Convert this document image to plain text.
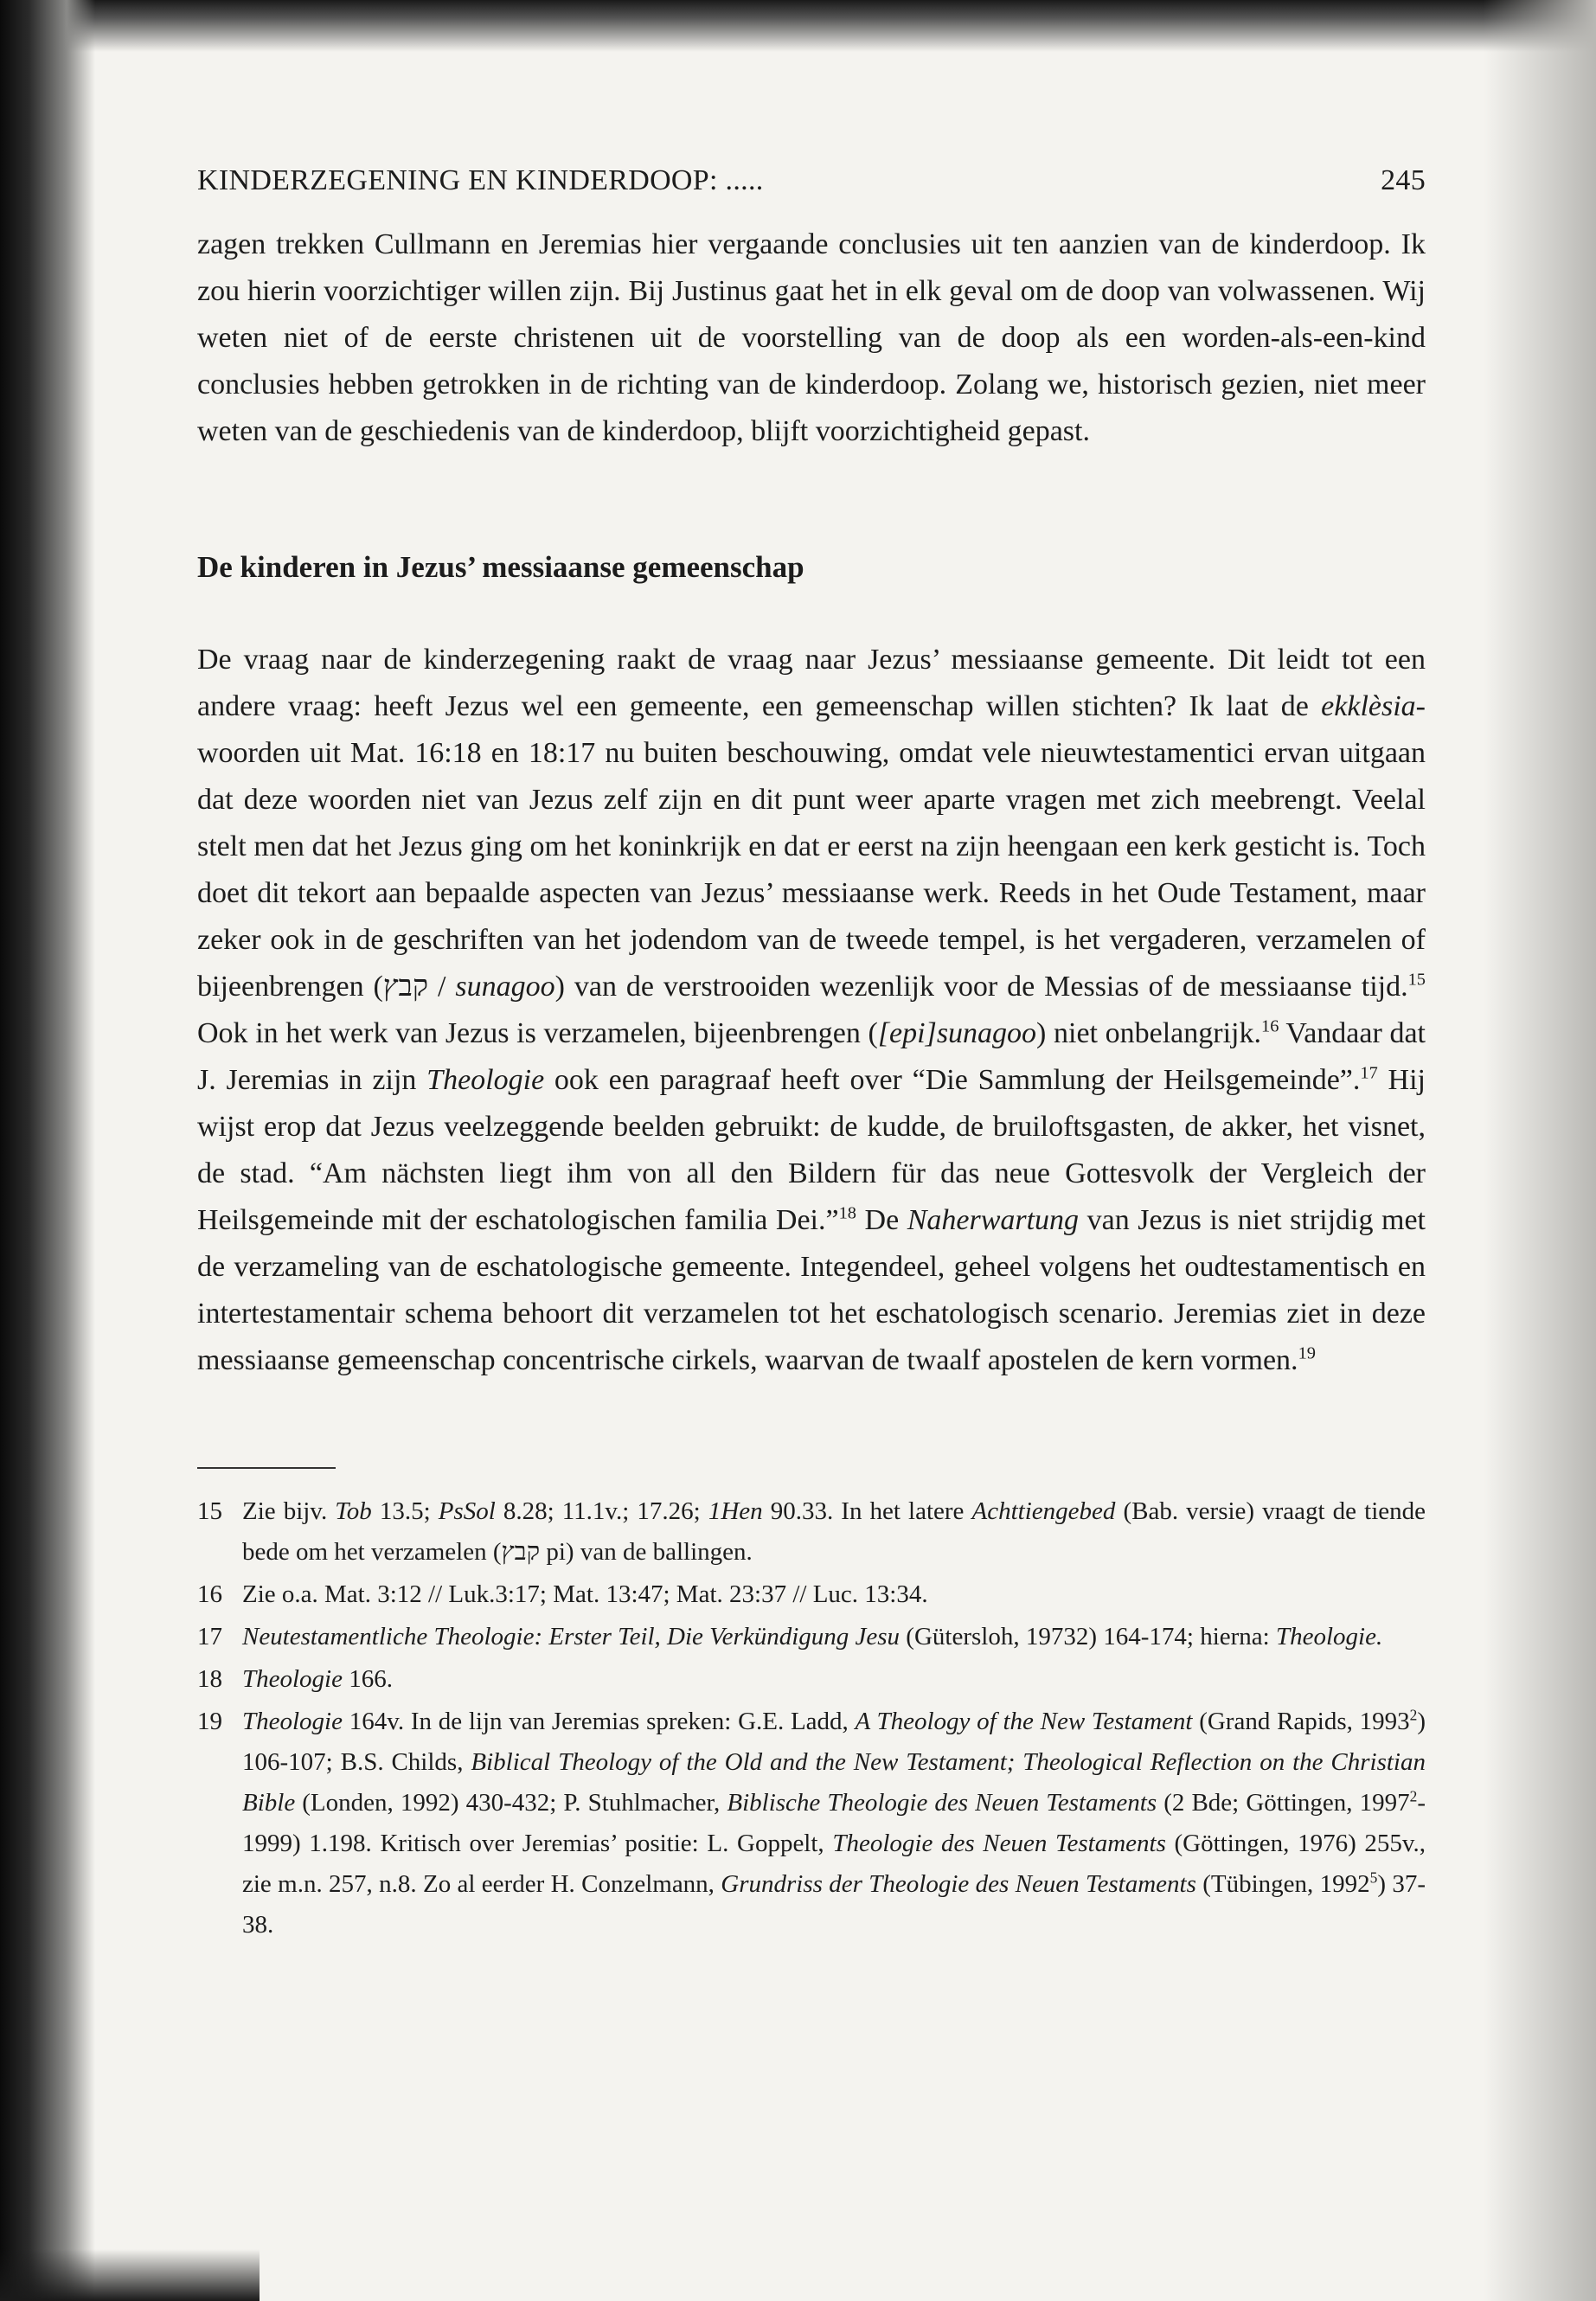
KINDERZEGENING EN KINDERDOOP: .....	245

zagen trekken Cullmann en Jeremias hier vergaande conclusies uit ten aanzien van de kinderdoop. Ik zou hierin voorzichtiger willen zijn. Bij Justinus gaat het in elk geval om de doop van volwassenen. Wij weten niet of de eerste christenen uit de voorstelling van de doop als een worden-als-een-kind conclusies hebben getrokken in de richting van de kinderdoop. Zolang we, historisch gezien, niet meer weten van de geschiedenis van de kinderdoop, blijft voorzichtigheid gepast.

De kinderen in Jezus’ messiaanse gemeenschap

De vraag naar de kinderzegening raakt de vraag naar Jezus’ messiaanse gemeente. Dit leidt tot een andere vraag: heeft Jezus wel een gemeente, een gemeenschap willen stichten? Ik laat de ekklèsia-woorden uit Mat. 16:18 en 18:17 nu buiten beschouwing, omdat vele nieuwtestamentici ervan uitgaan dat deze woorden niet van Jezus zelf zijn en dit punt weer aparte vragen met zich meebrengt. Veelal stelt men dat het Jezus ging om het koninkrijk en dat er eerst na zijn heengaan een kerk gesticht is. Toch doet dit tekort aan bepaalde aspecten van Jezus’ messiaanse werk. Reeds in het Oude Testament, maar zeker ook in de geschriften van het jodendom van de tweede tempel, is het vergaderen, verzamelen of bijeenbrengen (קבץ / sunagoo) van de verstrooiden wezenlijk voor de Messias of de messiaanse tijd.$^{15}$ Ook in het werk van Jezus is verzamelen, bijeenbrengen ([epi]sunagoo) niet onbelangrijk.$^{16}$ Vandaar dat J. Jeremias in zijn Theologie ook een paragraaf heeft over “Die Sammlung der Heilsgemeinde”.$^{17}$ Hij wijst erop dat Jezus veelzeggende beelden gebruikt: de kudde, de bruiloftsgasten, de akker, het visnet, de stad. “Am nächsten liegt ihm von all den Bildern für das neue Gottesvolk der Vergleich der Heilsgemeinde mit der eschatologischen familia Dei.”$^{18}$ De Naherwartung van Jezus is niet strijdig met de verzameling van de eschatologische gemeente. Integendeel, geheel volgens het oudtestamentisch en intertestamentair schema behoort dit verzamelen tot het eschatologisch scenario. Jeremias ziet in deze messiaanse gemeenschap concentrische cirkels, waarvan de twaalf apostelen de kern vormen.$^{19}$

15 Zie bijv. Tob 13.5; PsSol 8.28; 11.1v.; 17.26; 1Hen 90.33. In het latere Achttiengebed (Bab. versie) vraagt de tiende bede om het verzamelen (קבץ pi) van de ballingen.
16 Zie o.a. Mat. 3:12 // Luk.3:17; Mat. 13:47; Mat. 23:37 // Luc. 13:34.
17 Neutestamentliche Theologie: Erster Teil, Die Verkündigung Jesu (Gütersloh, 19732) 164-174; hierna: Theologie.
18 Theologie 166.
19 Theologie 164v. In de lijn van Jeremias spreken: G.E. Ladd, A Theology of the New Testament (Grand Rapids, 1993$^2$) 106-107; B.S. Childs, Biblical Theology of the Old and the New Testament; Theological Reflection on the Christian Bible (Londen, 1992) 430-432; P. Stuhlmacher, Biblische Theologie des Neuen Testaments (2 Bde; Göttingen, 1997$^2$-1999) 1.198. Kritisch over Jeremias’ positie: L. Goppelt, Theologie des Neuen Testaments (Göttingen, 1976) 255v., zie m.n. 257, n.8. Zo al eerder H. Conzelmann, Grundriss der Theologie des Neuen Testaments (Tübingen, 1992$^5$) 37-38.
